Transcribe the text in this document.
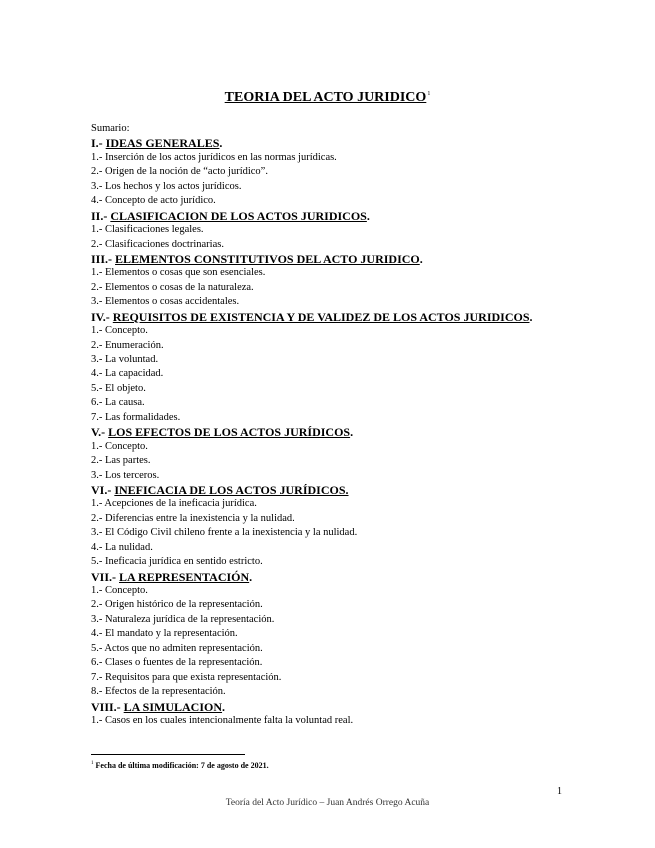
TEORIA DEL ACTO JURIDICO$^1$
Sumario:
I.- IDEAS GENERALES.
1.- Inserción de los actos jurídicos en las normas jurídicas.
2.- Origen de la noción de “acto jurídico”.
3.- Los hechos y los actos jurídicos.
4.- Concepto de acto jurídico.
II.- CLASIFICACION DE LOS ACTOS JURIDICOS.
1.- Clasificaciones legales.
2.- Clasificaciones doctrinarias.
III.- ELEMENTOS CONSTITUTIVOS DEL ACTO JURIDICO.
1.- Elementos o cosas que son esenciales.
2.- Elementos o cosas de la naturaleza.
3.- Elementos o cosas accidentales.
IV.- REQUISITOS DE EXISTENCIA Y DE VALIDEZ DE LOS ACTOS JURIDICOS.
1.- Concepto.
2.- Enumeración.
3.- La voluntad.
4.- La capacidad.
5.- El objeto.
6.- La causa.
7.- Las formalidades.
V.- LOS EFECTOS DE LOS ACTOS JURÍDICOS.
1.- Concepto.
2.- Las partes.
3.- Los terceros.
VI.- INEFICACIA DE LOS ACTOS JURÍDICOS.
1.- Acepciones de la ineficacia jurídica.
2.- Diferencias entre la inexistencia y la nulidad.
3.- El Código Civil chileno frente a la inexistencia y la nulidad.
4.- La nulidad.
5.- Ineficacia jurídica en sentido estricto.
VII.- LA REPRESENTACIÓN.
1.- Concepto.
2.- Origen histórico de la representación.
3.- Naturaleza jurídica de la representación.
4.- El mandato y la representación.
5.- Actos que no admiten representación.
6.- Clases o fuentes de la representación.
7.- Requisitos para que exista representación.
8.- Efectos de la representación.
VIII.- LA SIMULACION.
1.- Casos en los cuales intencionalmente falta la voluntad real.
$^1$ Fecha de última modificación: 7 de agosto de 2021.
1
Teoría del Acto Jurídico – Juan Andrés Orrego Acuña
